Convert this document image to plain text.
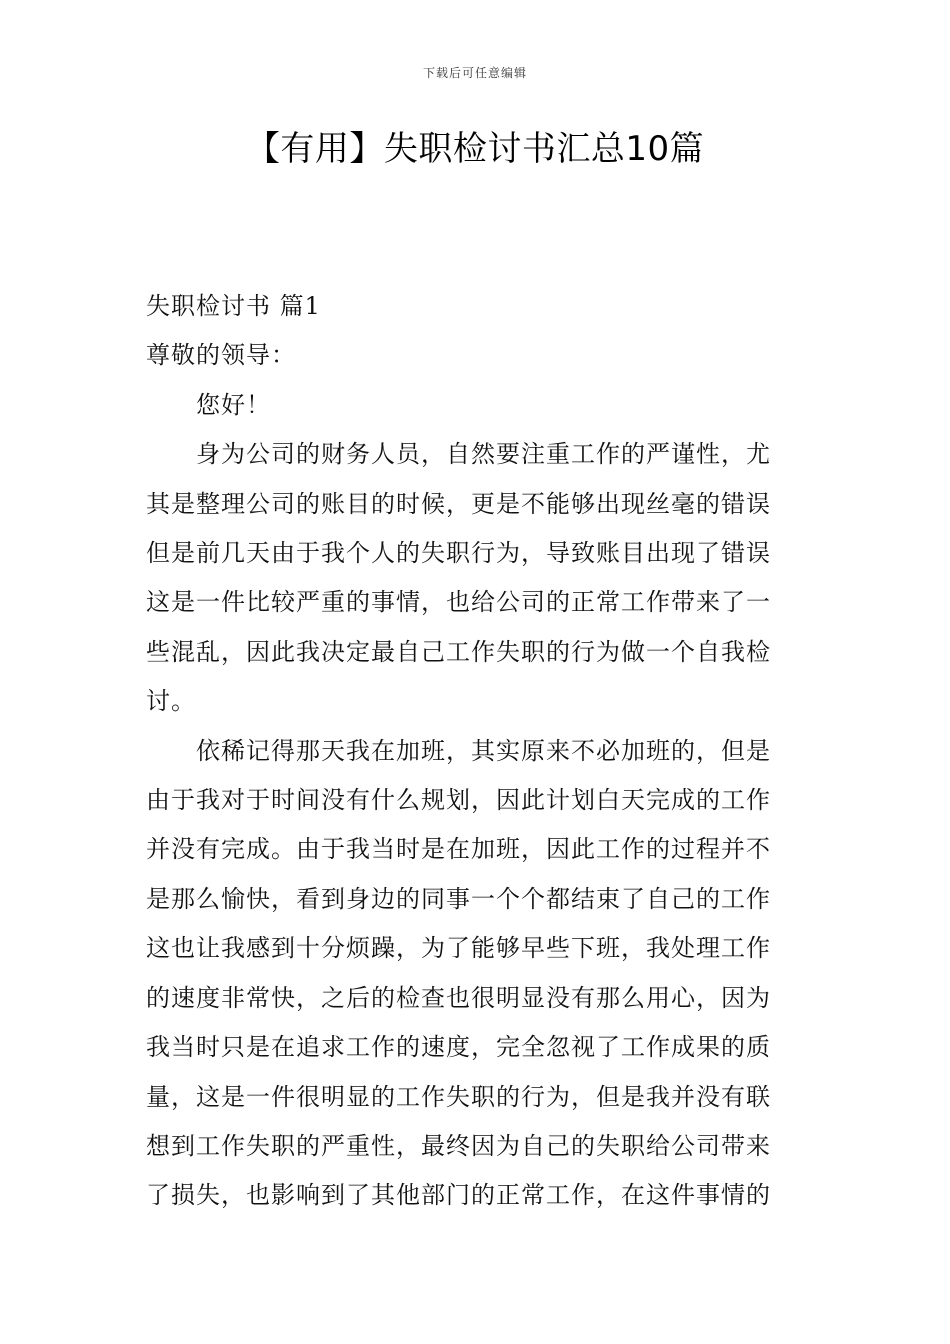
下载后可任意编辑
【有用】失职检讨书汇总10篇
失职检讨书 篇1
尊敬的领导：
您好！
身为公司的财务人员，自然要注重工作的严谨性，尤
其是整理公司的账目的时候，更是不能够出现丝毫的错误
但是前几天由于我个人的失职行为，导致账目出现了错误
这是一件比较严重的事情，也给公司的正常工作带来了一
些混乱，因此我决定最自己工作失职的行为做一个自我检
讨。
依稀记得那天我在加班，其实原来不必加班的，但是
由于我对于时间没有什么规划，因此计划白天完成的工作
并没有完成。由于我当时是在加班，因此工作的过程并不
是那么愉快，看到身边的同事一个个都结束了自己的工作
这也让我感到十分烦躁，为了能够早些下班，我处理工作
的速度非常快，之后的检查也很明显没有那么用心，因为
我当时只是在追求工作的速度，完全忽视了工作成果的质
量，这是一件很明显的工作失职的行为，但是我并没有联
想到工作失职的严重性，最终因为自己的失职给公司带来
了损失，也影响到了其他部门的正常工作，在这件事情的
